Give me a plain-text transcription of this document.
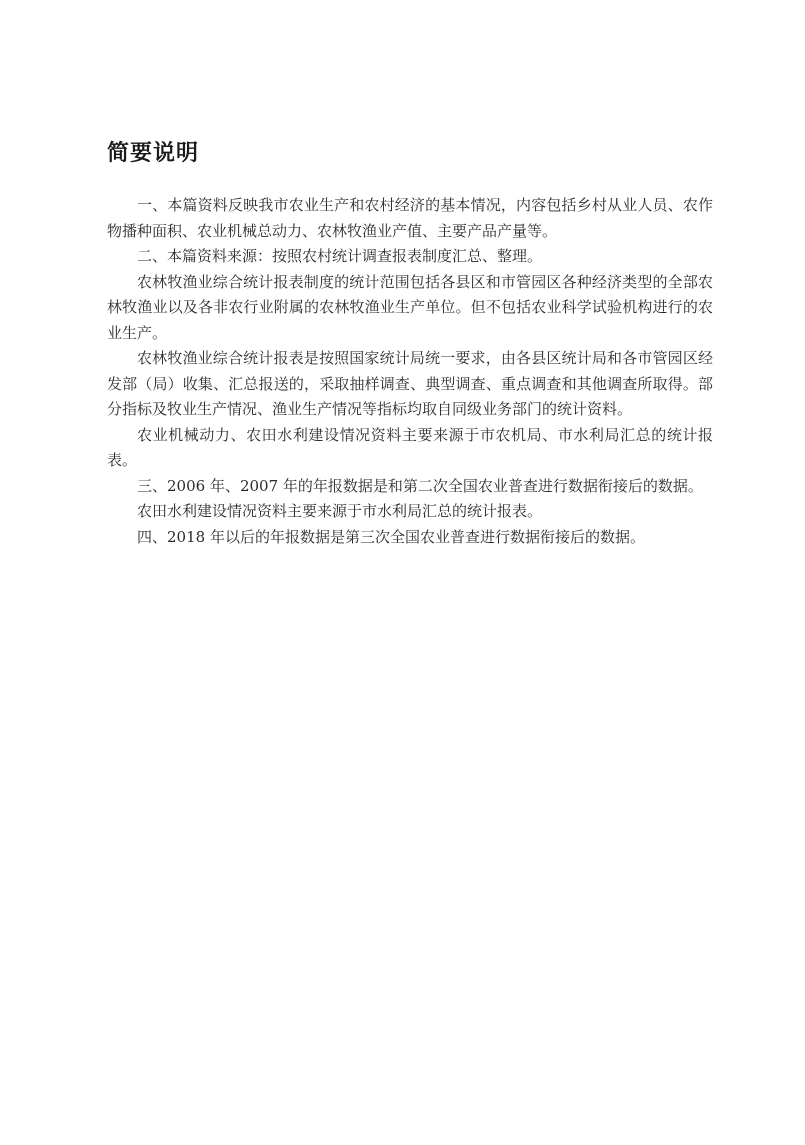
简要说明

一、本篇资料反映我市农业生产和农村经济的基本情况，内容包括乡村从业人员、农作物播种面积、农业机械总动力、农林牧渔业产值、主要产品产量等。

二、本篇资料来源：按照农村统计调查报表制度汇总、整理。

农林牧渔业综合统计报表制度的统计范围包括各县区和市管园区各种经济类型的全部农林牧渔业以及各非农行业附属的农林牧渔业生产单位。但不包括农业科学试验机构进行的农业生产。

农林牧渔业综合统计报表是按照国家统计局统一要求，由各县区统计局和各市管园区经发部（局）收集、汇总报送的，采取抽样调查、典型调查、重点调查和其他调查所取得。部分指标及牧业生产情况、渔业生产情况等指标均取自同级业务部门的统计资料。

农业机械动力、农田水利建设情况资料主要来源于市农机局、市水利局汇总的统计报表。

三、2006 年、2007 年的年报数据是和第二次全国农业普查进行数据衔接后的数据。

农田水利建设情况资料主要来源于市水利局汇总的统计报表。

四、2018 年以后的年报数据是第三次全国农业普查进行数据衔接后的数据。
